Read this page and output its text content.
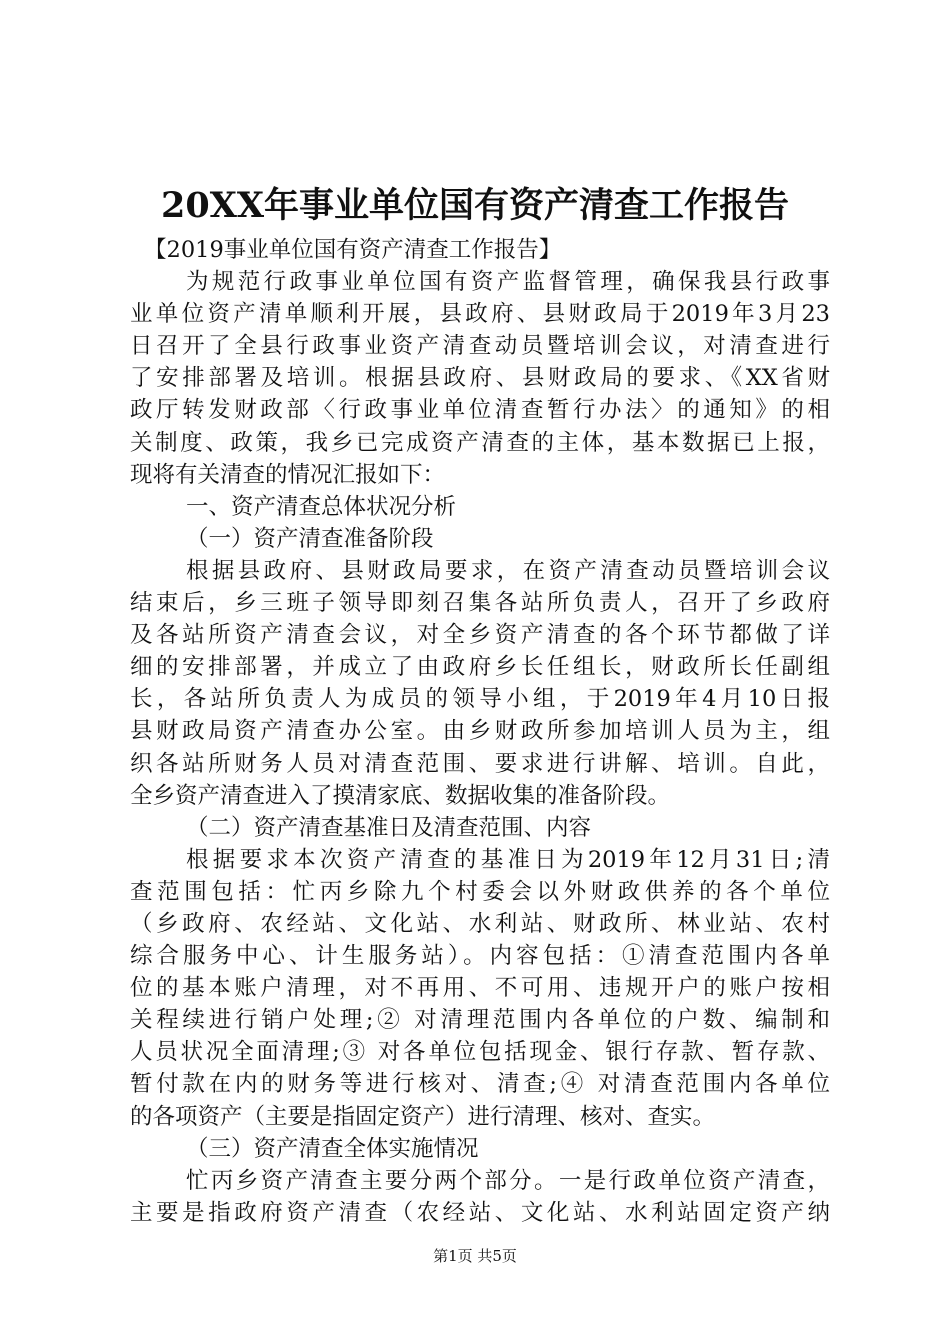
20XX年事业单位国有资产清查工作报告
【2019事业单位国有资产清查工作报告】
为规范行政事业单位国有资产监督管理，确保我县行政事
业单位资产清单顺利开展，县政府、县财政局于2019年3月23
日召开了全县行政事业资产清查动员暨培训会议，对清查进行
了安排部署及培训。根据县政府、县财政局的要求、《XX省财
政厅转发财政部〈行政事业单位清查暂行办法〉的通知》的相
关制度、政策，我乡已完成资产清查的主体，基本数据已上报，
现将有关清查的情况汇报如下：
一、资产清查总体状况分析
（一）资产清查准备阶段
根据县政府、县财政局要求，在资产清查动员暨培训会议
结束后，乡三班子领导即刻召集各站所负责人，召开了乡政府
及各站所资产清查会议，对全乡资产清查的各个环节都做了详
细的安排部署，并成立了由政府乡长任组长，财政所长任副组
长，各站所负责人为成员的领导小组，于2019年4月10日报
县财政局资产清查办公室。由乡财政所参加培训人员为主，组
织各站所财务人员对清查范围、要求进行讲解、培训。自此，
全乡资产清查进入了摸清家底、数据收集的准备阶段。
（二）资产清查基准日及清查范围、内容
根据要求本次资产清查的基准日为2019年12月31日;清
查范围包括：忙丙乡除九个村委会以外财政供养的各个单位
（乡政府、农经站、文化站、水利站、财政所、林业站、农村
综合服务中心、计生服务站）。内容包括：①清查范围内各单
位的基本账户清理，对不再用、不可用、违规开户的账户按相
关程续进行销户处理;② 对清理范围内各单位的户数、编制和
人员状况全面清理;③ 对各单位包括现金、银行存款、暂存款、
暂付款在内的财务等进行核对、清查;④ 对清查范围内各单位
的各项资产（主要是指固定资产）进行清理、核对、查实。
（三）资产清查全体实施情况
忙丙乡资产清查主要分两个部分。一是行政单位资产清查，
主要是指政府资产清查（农经站、文化站、水利站固定资产纳
第1页 共5页
